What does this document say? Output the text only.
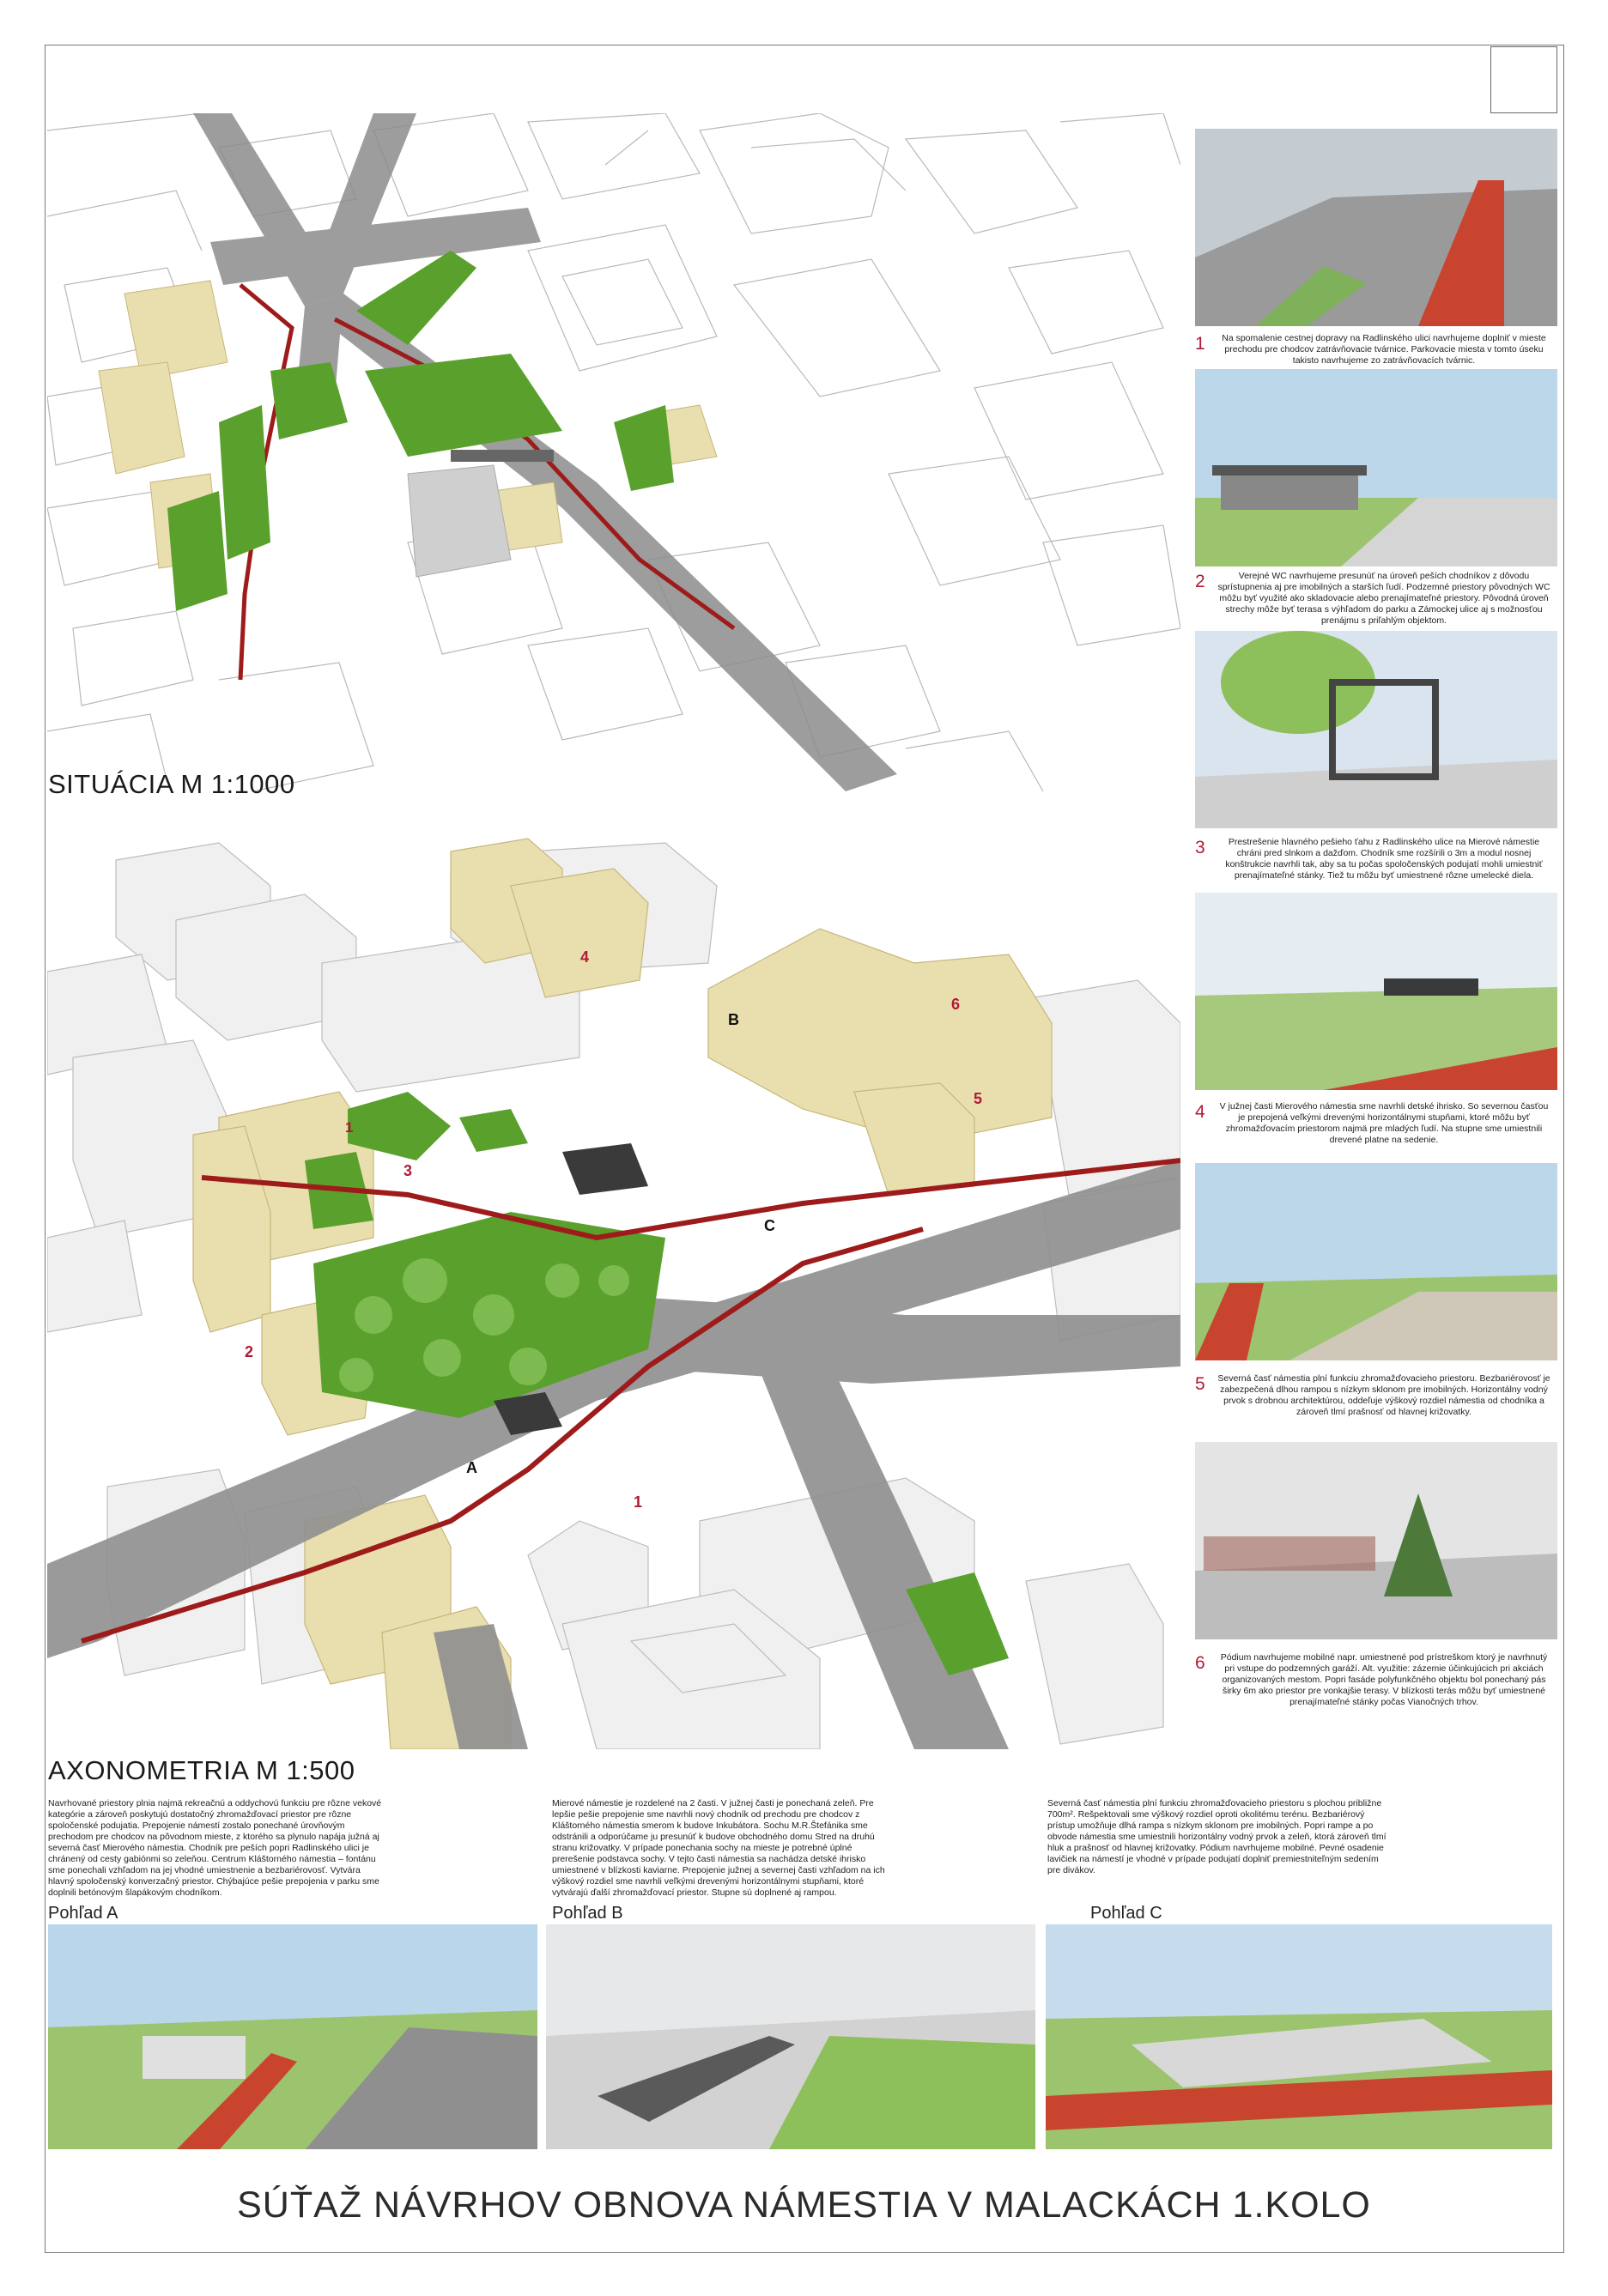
SITUÁCIA M 1:1000
1
1
2
3
4
5
6
A
B
C
AXONOMETRIA M 1:500
1	Na spomalenie cestnej dopravy na Radlinského ulici navrhujeme doplniť v mieste prechodu pre chodcov zatrávňovacie tvárnice. Parkovacie miesta v tomto úseku takisto navrhujeme zo zatrávňovacích tvárnic.
2	Verejné WC navrhujeme presunúť na úroveň peších chodníkov z dôvodu sprístupnenia aj pre imobilných a starších ľudí. Podzemné priestory pôvodných WC môžu byť využité ako skladovacie alebo prenajímateľné priestory. Pôvodná úroveň strechy môže byť terasa s výhľadom do parku a Zámockej ulice aj s možnosťou prenájmu s priľahlým objektom.
3	Prestrešenie hlavného pešieho ťahu z Radlinského ulice na Mierové námestie chráni pred slnkom a dažďom. Chodník sme rozšírili o 3m a modul nosnej konštrukcie navrhli tak, aby sa tu počas spoločenských podujatí mohli umiestniť prenajímateľné stánky. Tiež tu môžu byť umiestnené rôzne umelecké diela.
4	V južnej časti Mierového námestia sme navrhli detské ihrisko. So severnou časťou je prepojená veľkými drevenými horizontálnymi stupňami, ktoré môžu byť zhromažďovacím priestorom najmä pre mladých ľudí. Na stupne sme umiestnili drevené platne na sedenie.
5 Severná časť námestia plní funkciu zhromažďovacieho priestoru. Bezbariérovosť je zabezpečená dlhou rampou s nízkym sklonom pre imobilných. Horizontálny vodný prvok s drobnou architektúrou, oddeľuje výškový rozdiel námestia od chodníka a zároveň tlmí prašnosť od hlavnej križovatky.
6	Pódium navrhujeme mobilné napr. umiestnené pod prístreškom ktorý je navrhnutý pri vstupe do podzemných garáží. Alt. využitie: zázemie účinkujúcich pri akciách organizovaných mestom. Popri fasáde polyfunkčného objektu bol ponechaný pás širky 6m ako priestor pre vonkajšie terasy. V blízkosti terás môžu byť umiestnené prenajímateľné stánky počas Vianočných trhov.
Navrhované priestory plnia najmä rekreačnú a oddychovú funkciu pre rôzne vekové kategórie a zároveň poskytujú dostatočný zhromažďovací priestor pre rôzne spoločenské podujatia. Prepojenie námestí zostalo ponechané úrovňovým prechodom pre chodcov na pôvodnom mieste, z ktorého sa plynulo napája južná aj severná časť Mierového námestia. Chodník pre peších popri Radlinského ulici je chránený od cesty gabiónmi so zeleňou. Centrum Kláštorného námestia – fontánu sme ponechali vzhľadom na jej vhodné umiestnenie a bezbariérovosť. Vytvára hlavný spoločenský konverzačný priestor. Chýbajúce pešie prepojenia v parku sme doplnili betónovým šlapákovým chodníkom.
Mierové námestie je rozdelené na 2 časti. V južnej časti je ponechaná zeleň. Pre lepšie pešie prepojenie sme navrhli nový chodník od prechodu pre chodcov z Kláštorného námestia smerom k budove Inkubátora. Sochu M.R.Štefánika sme odstránili a odporúčame ju presunúť k budove obchodného domu Stred na druhú stranu križovatky. V prípade ponechania sochy na mieste je potrebné úplné prerešenie podstavca sochy. V tejto časti námestia sa nachádza detské ihrisko umiestnené v blízkosti kaviarne. Prepojenie južnej a severnej časti vzhľadom na ich výškový rozdiel sme navrhli veľkými drevenými horizontálnymi stupňami, ktoré vytvárajú ďalší zhromažďovací priestor. Stupne sú doplnené aj rampou.
Severná časť námestia plní funkciu zhromažďovacieho priestoru s plochou približne 700m². Rešpektovali sme výškový rozdiel oproti okolitému terénu. Bezbariérový prístup umožňuje dlhá rampa s nízkym sklonom pre imobilných. Popri rampe a po obvode námestia sme umiestnili horizontálny vodný prvok a zeleň, ktorá zároveň tlmí hluk a prašnosť od hlavnej križovatky. Pódium navrhujeme mobilné. Pevné osadenie lavičiek na námestí je vhodné v prípade podujatí doplniť premiestniteľným sedením pre divákov.
Pohľad A	Pohľad B	Pohľad C
SÚŤAŽ NÁVRHOV OBNOVA NÁMESTIA V MALACKÁCH 1.KOLO
